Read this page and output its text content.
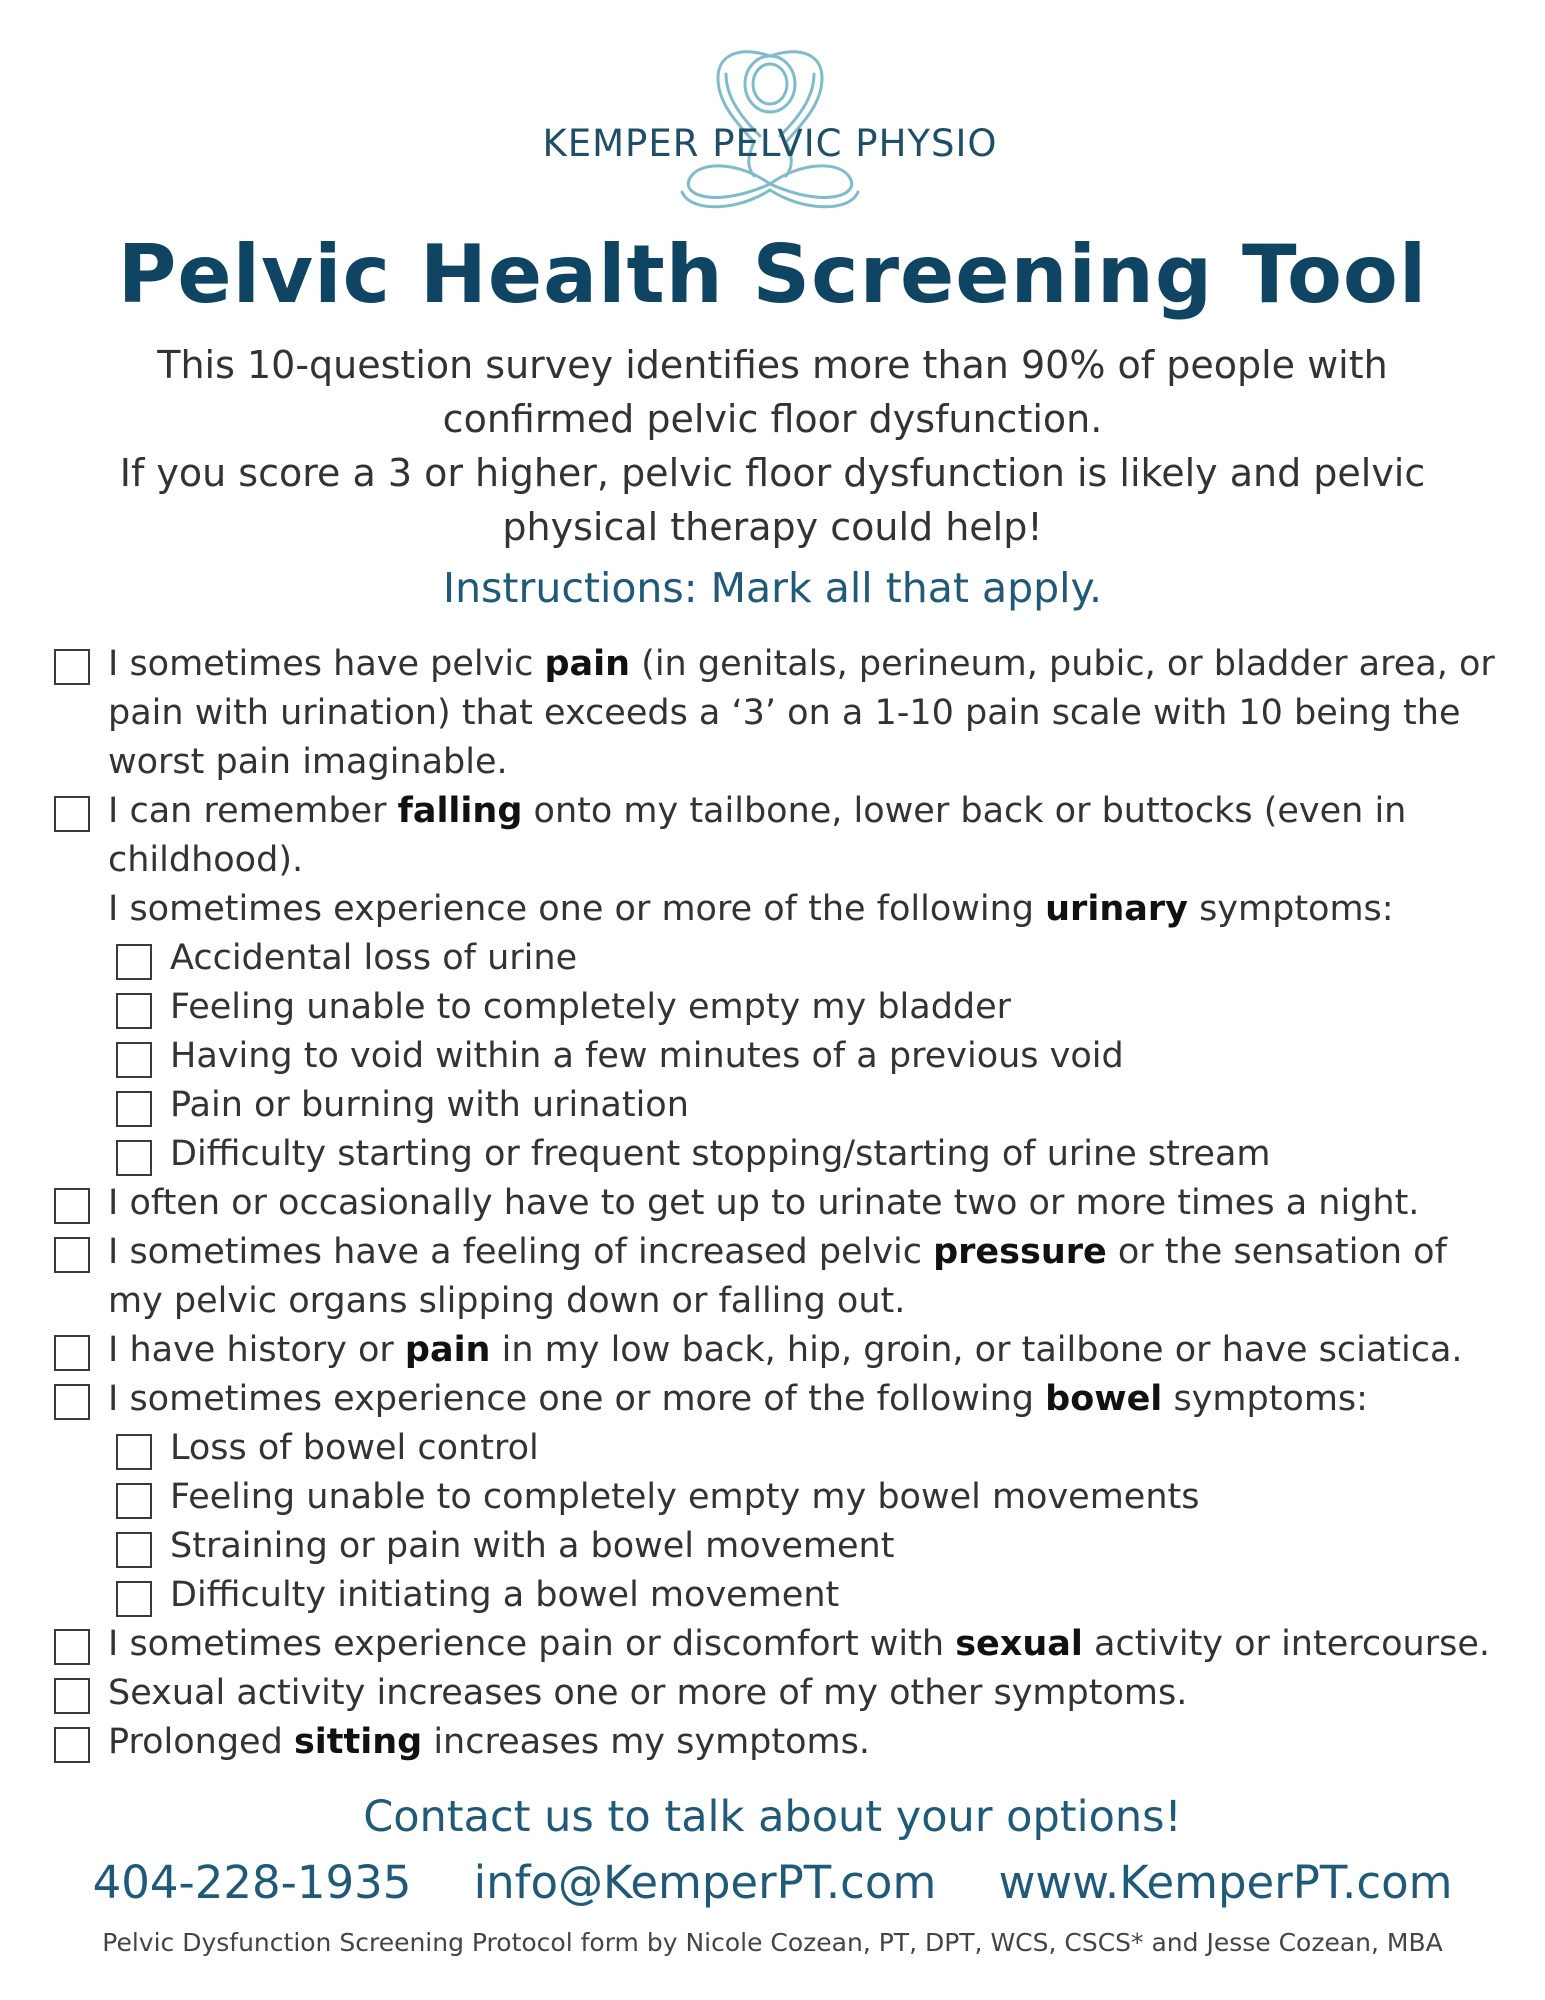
KEMPER PELVIC PHYSIO
Pelvic Health Screening Tool

This 10-question survey identifies more than 90% of people with confirmed pelvic floor dysfunction.

If you score a 3 or higher, pelvic floor dysfunction is likely and pelvic physical therapy could help!

Instructions: Mark all that apply.
I sometimes have pelvic pain (in genitals, perineum, pubic, or bladder area, or pain with urination) that exceeds a ‘3’ on a 1-10 pain scale with 10 being the worst pain imaginable.
I can remember falling onto my tailbone, lower back or buttocks (even in childhood).
I sometimes experience one or more of the following urinary symptoms:
Accidental loss of urine
Feeling unable to completely empty my bladder
Having to void within a few minutes of a previous void
Pain or burning with urination
Difficulty starting or frequent stopping/starting of urine stream
I often or occasionally have to get up to urinate two or more times a night.
I sometimes have a feeling of increased pelvic pressure or the sensation of my pelvic organs slipping down or falling out.
I have history or pain in my low back, hip, groin, or tailbone or have sciatica.
I sometimes experience one or more of the following bowel symptoms:
Loss of bowel control
Feeling unable to completely empty my bowel movements
Straining or pain with a bowel movement
Difficulty initiating a bowel movement
I sometimes experience pain or discomfort with sexual activity or intercourse.
Sexual activity increases one or more of my other symptoms.
Prolonged sitting increases my symptoms.
Contact us to talk about your options!
404-228-1935 info@KemperPT.com www.KemperPT.com
Pelvic Dysfunction Screening Protocol form by Nicole Cozean, PT, DPT, WCS, CSCS* and Jesse Cozean, MBA
